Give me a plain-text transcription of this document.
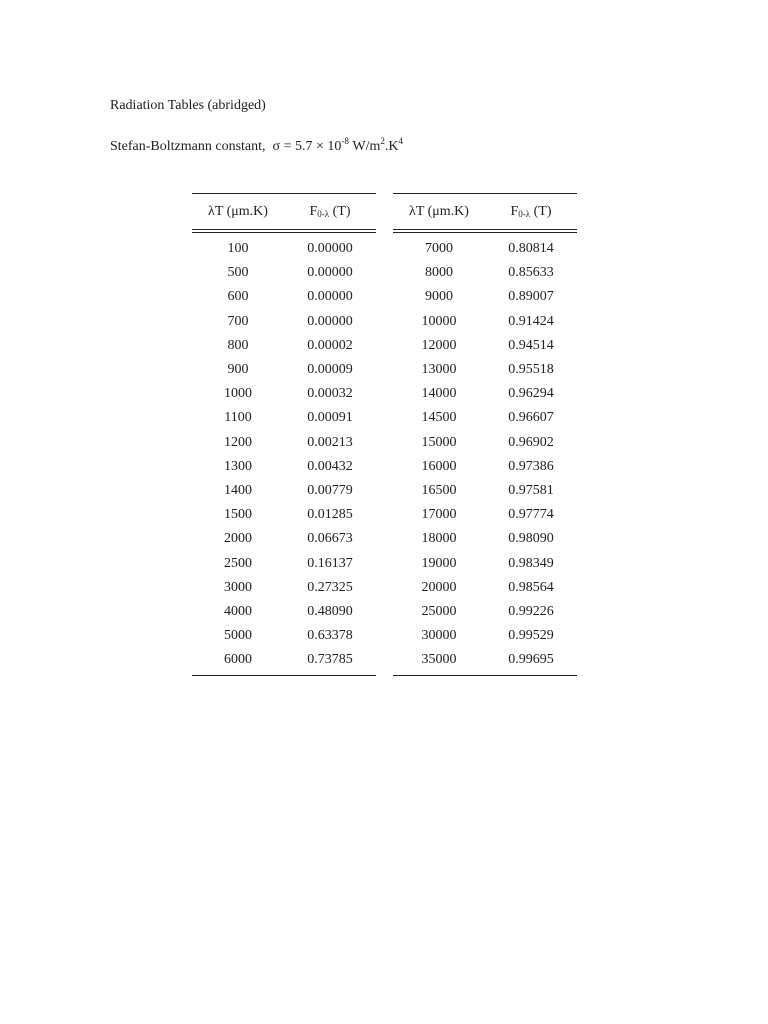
Radiation Tables (abridged)
Stefan-Boltzmann constant, $\sigma = 5.7 \times 10^{-8}$ $W/m^2.K^4$
λT (μm.K)	F0-λ (T)
100	0.00000
500	0.00000
600	0.00000
700	0.00000
800	0.00002
900	0.00009
1000	0.00032
1100	0.00091
1200	0.00213
1300	0.00432
1400	0.00779
1500	0.01285
2000	0.06673
2500	0.16137
3000	0.27325
4000	0.48090
5000	0.63378
6000	0.73785
λT (μm.K)	F0-λ (T)
7000	0.80814
8000	0.85633
9000	0.89007
10000	0.91424
12000	0.94514
13000	0.95518
14000	0.96294
14500	0.96607
15000	0.96902
16000	0.97386
16500	0.97581
17000	0.97774
18000	0.98090
19000	0.98349
20000	0.98564
25000	0.99226
30000	0.99529
35000	0.99695
